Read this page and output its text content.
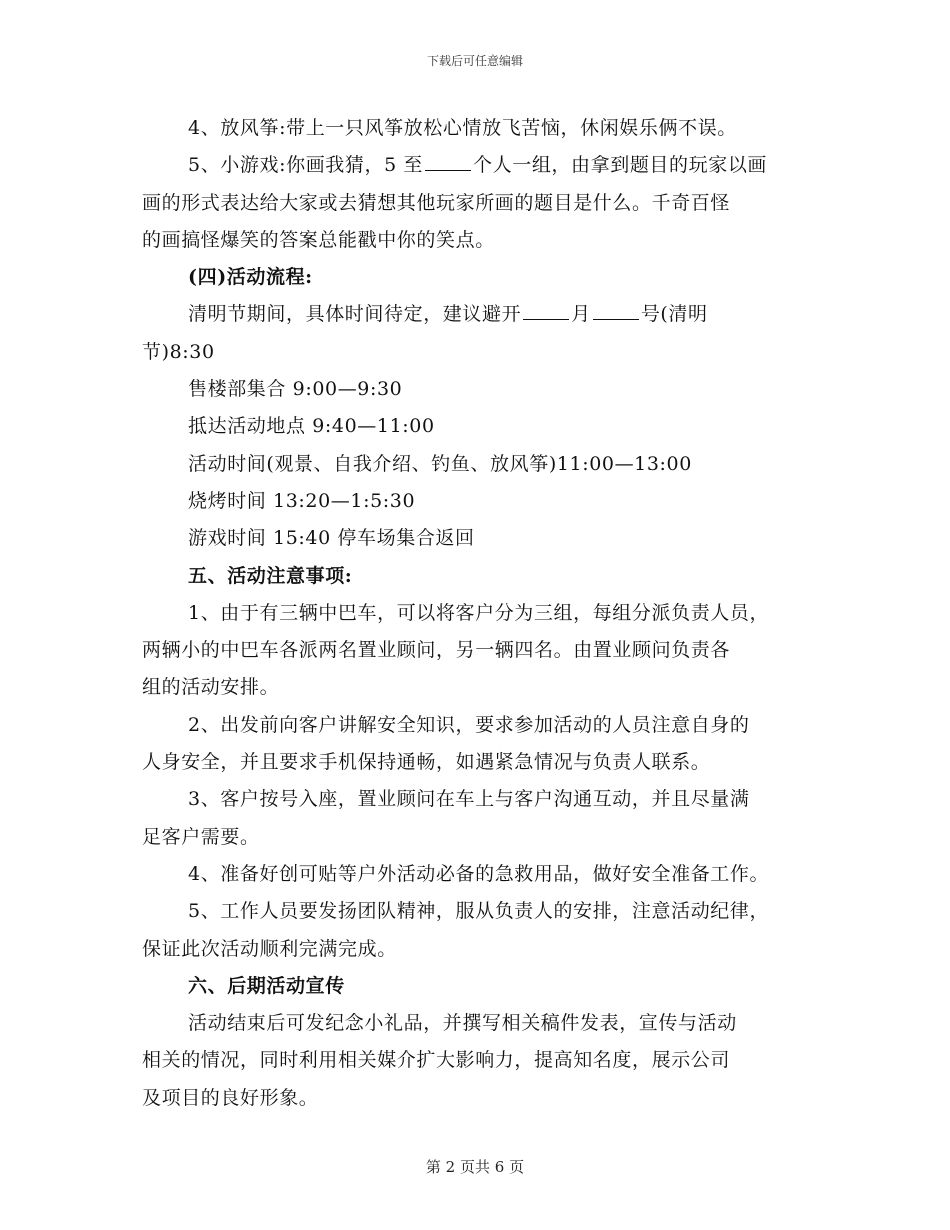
下载后可任意编辑
4、放风筝:带上一只风筝放松心情放飞苦恼，休闲娱乐俩不误。
5、小游戏:你画我猜，5 至	个人一组，由拿到题目的玩家以画
画的形式表达给大家或去猜想其他玩家所画的题目是什么。千奇百怪
的画搞怪爆笑的答案总能戳中你的笑点。
(四)活动流程:
清明节期间，具体时间待定，建议避开	月	号(清明
节)8:30
售楼部集合 9:00—9:30
抵达活动地点 9:40—11:00
活动时间(观景、自我介绍、钓鱼、放风筝)11:00—13:00
烧烤时间 13:20—1:5:30
游戏时间 15:40 停车场集合返回
五、活动注意事项:
1、由于有三辆中巴车，可以将客户分为三组，每组分派负责人员，
两辆小的中巴车各派两名置业顾问，另一辆四名。由置业顾问负责各
组的活动安排。
2、出发前向客户讲解安全知识，要求参加活动的人员注意自身的
人身安全，并且要求手机保持通畅，如遇紧急情况与负责人联系。
3、客户按号入座，置业顾问在车上与客户沟通互动，并且尽量满
足客户需要。
4、准备好创可贴等户外活动必备的急救用品，做好安全准备工作。
5、工作人员要发扬团队精神，服从负责人的安排，注意活动纪律，
保证此次活动顺利完满完成。
六、后期活动宣传
活动结束后可发纪念小礼品，并撰写相关稿件发表，宣传与活动
相关的情况，同时利用相关媒介扩大影响力，提高知名度，展示公司
及项目的良好形象。
第 2 页共 6 页
